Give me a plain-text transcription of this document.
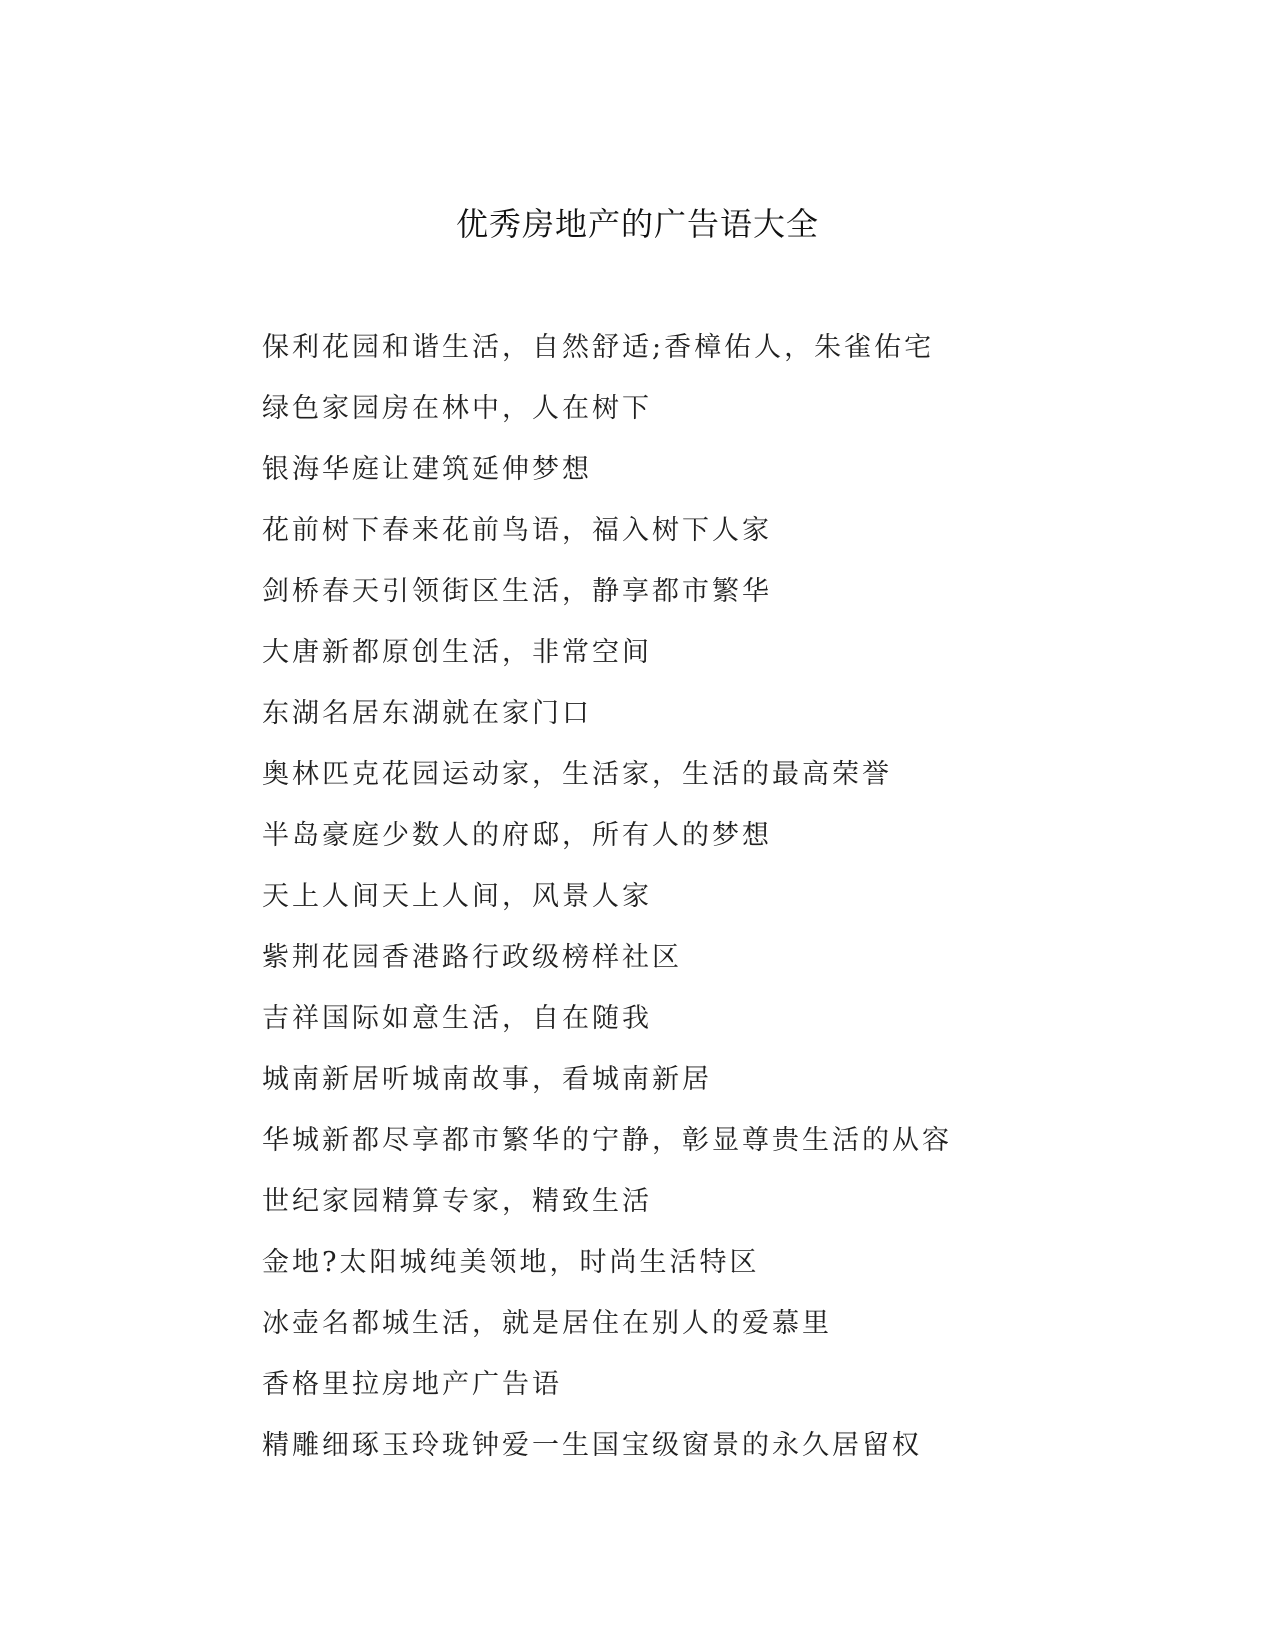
优秀房地产的广告语大全
保利花园和谐生活，自然舒适;香樟佑人，朱雀佑宅
绿色家园房在林中，人在树下
银海华庭让建筑延伸梦想
花前树下春来花前鸟语，福入树下人家
剑桥春天引领街区生活，静享都市繁华
大唐新都原创生活，非常空间
东湖名居东湖就在家门口
奥林匹克花园运动家，生活家，生活的最高荣誉
半岛豪庭少数人的府邸，所有人的梦想
天上人间天上人间，风景人家
紫荆花园香港路行政级榜样社区
吉祥国际如意生活，自在随我
城南新居听城南故事，看城南新居
华城新都尽享都市繁华的宁静，彰显尊贵生活的从容
世纪家园精算专家，精致生活
金地?太阳城纯美领地，时尚生活特区
冰壶名都城生活，就是居住在别人的爱慕里
香格里拉房地产广告语
精雕细琢玉玲珑钟爱一生国宝级窗景的永久居留权
